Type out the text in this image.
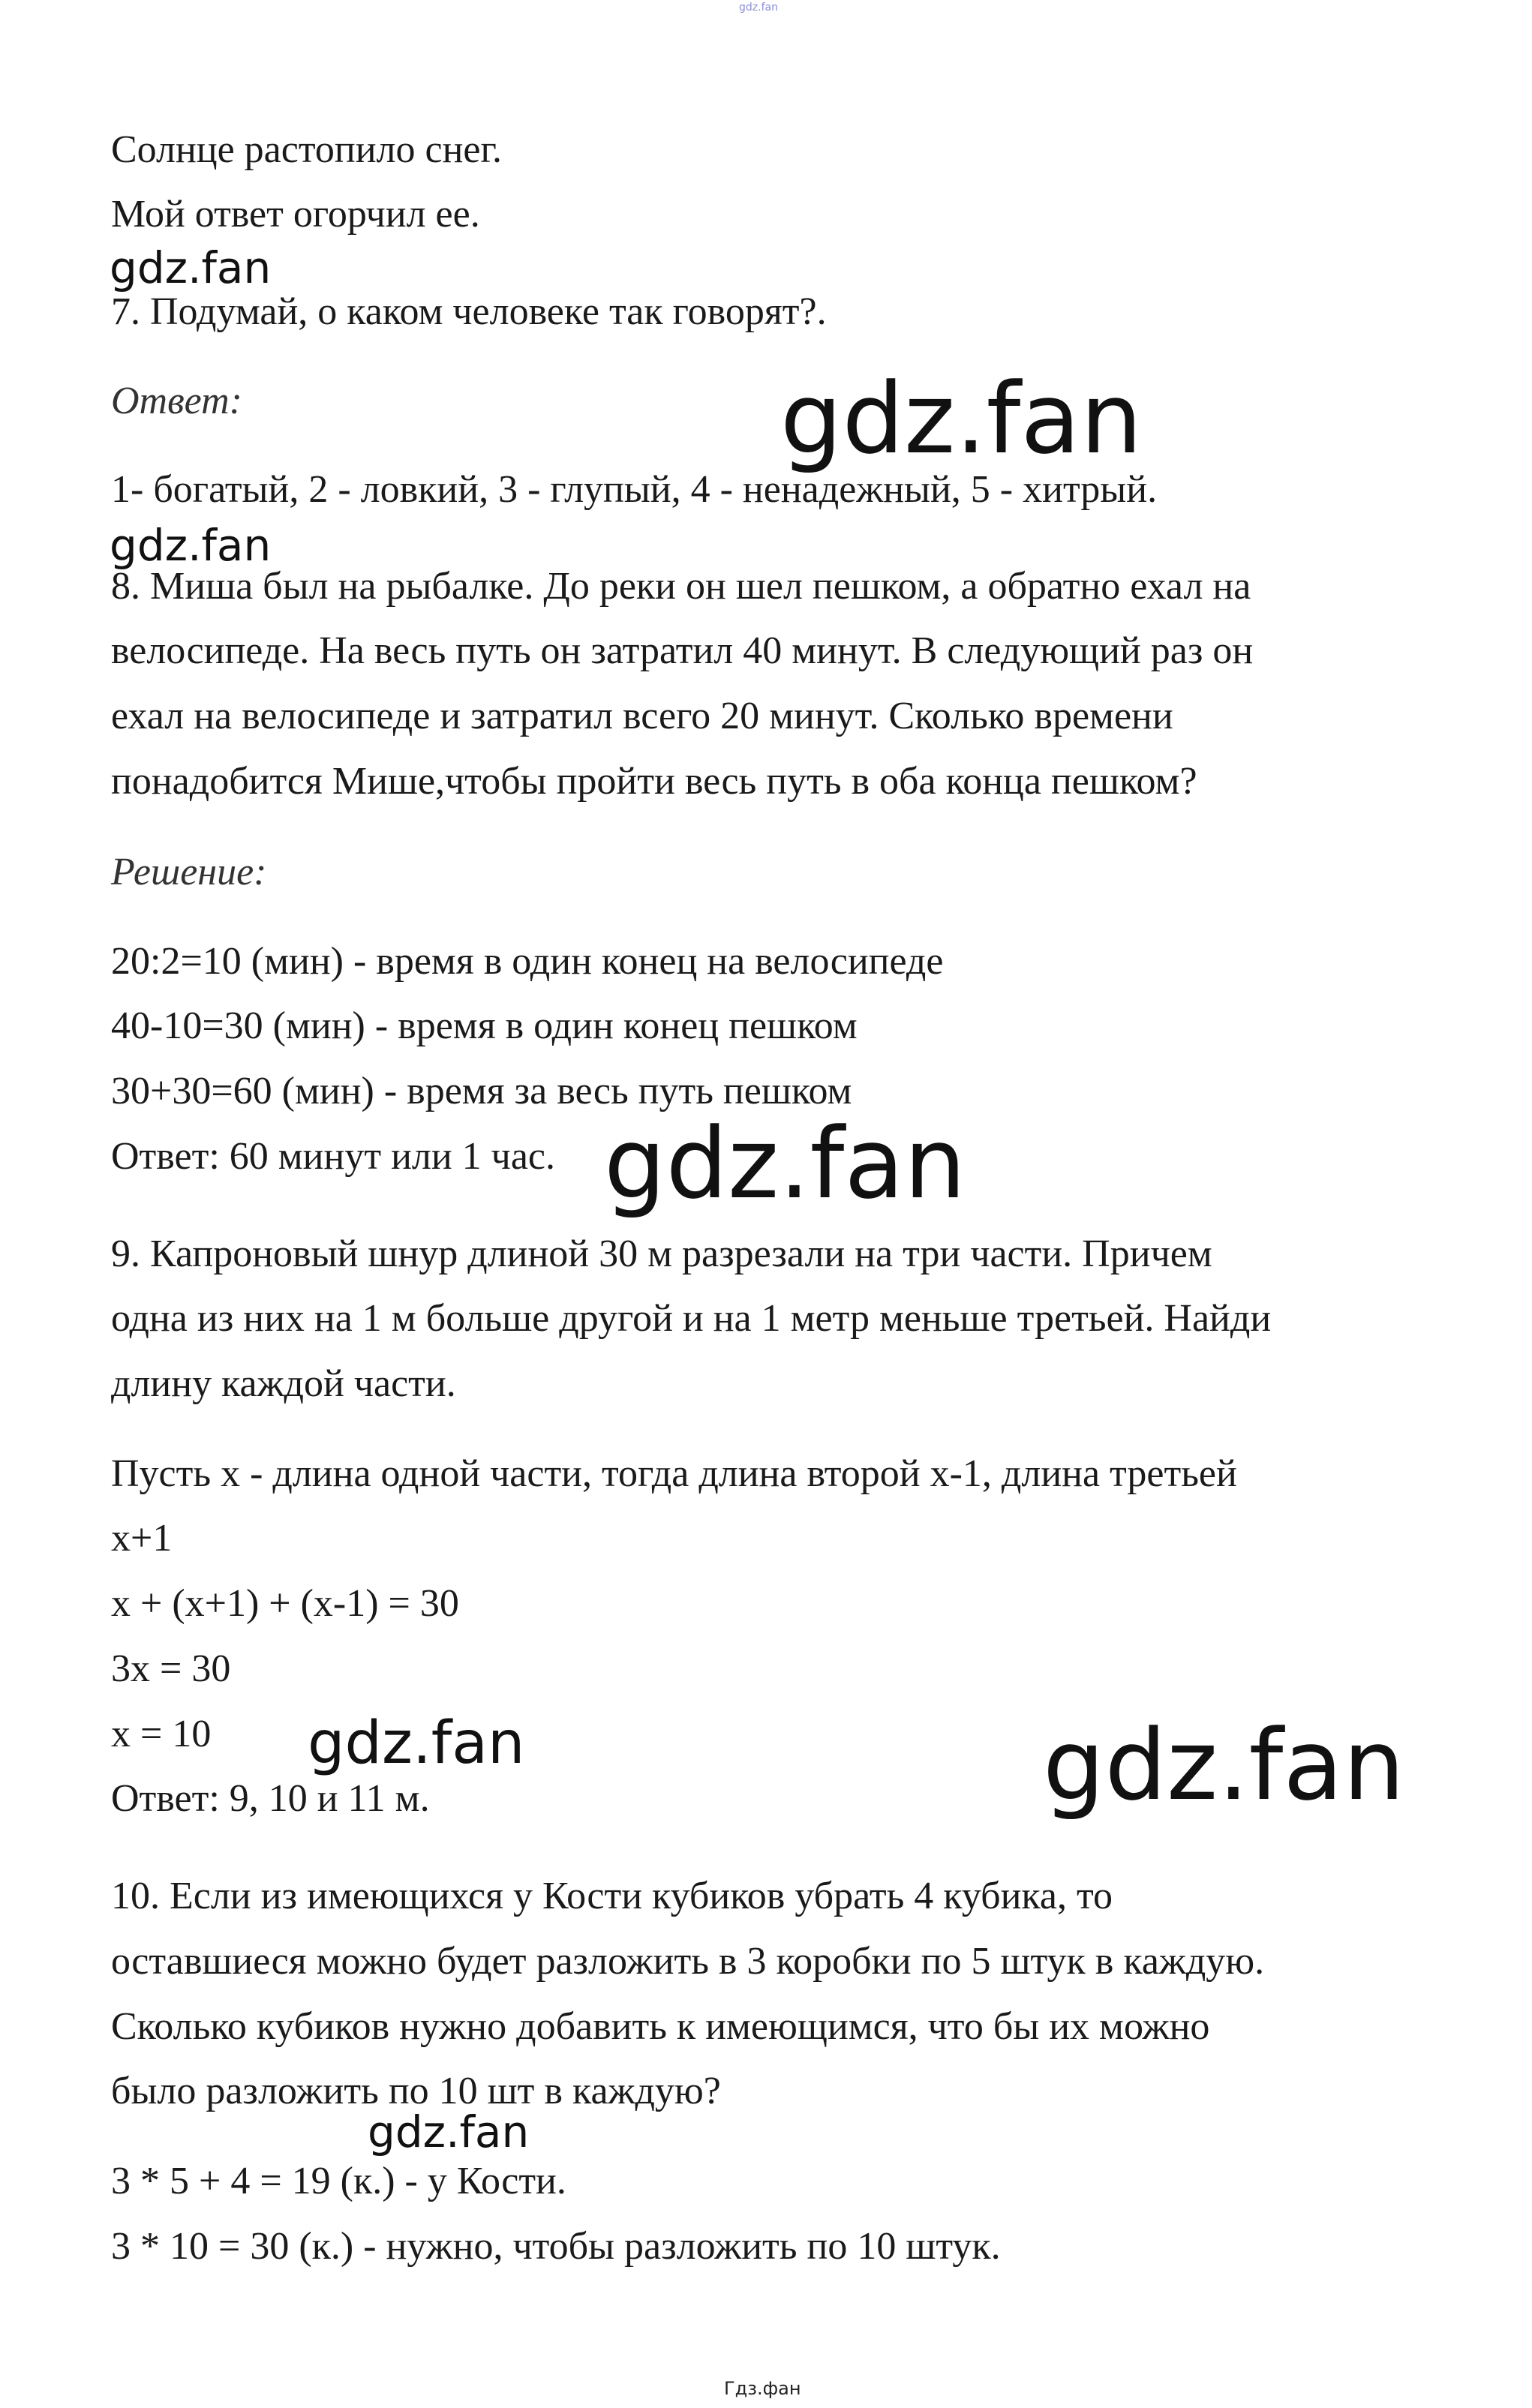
gdz.fan
Солнце растопило снег.
Мой ответ огорчил ее.
gdz.fan
7. Подумай, о каком человеке так говорят?.
Ответ:	gdz.fan
1- богатый, 2 - ловкий, 3 - глупый, 4 - ненадежный, 5 - хитрый.
gdz.fan
8. Миша был на рыбалке. До реки он шел пешком, а обратно ехал на
велосипеде. На весь путь он затратил 40 минут. В следующий раз он
ехал на велосипеде и затратил всего 20 минут. Сколько времени
понадобится Мише,чтобы пройти весь путь в оба конца пешком?
Решение:
20:2=10 (мин) - время в один конец на велосипеде
40-10=30 (мин) - время в один конец пешком
30+30=60 (мин) - время за весь путь пешком
Ответ: 60 минут или 1 час. gdz.fan
9. Капроновый шнур длиной 30 м разрезали на три части. Причем
одна из них на 1 м больше другой и на 1 метр меньше третьей. Найди
длину каждой части.
Пусть х - длина одной части, тогда длина второй х-1, длина третьей
х+1
х + (х+1) + (х-1) = 30
3х = 30
х = 10 gdz.fan	gdz.fan
Ответ: 9, 10 и 11 м.
10. Если из имеющихся у Кости кубиков убрать 4 кубика, то
оставшиеся можно будет разложить в 3 коробки по 5 штук в каждую.
Сколько кубиков нужно добавить к имеющимся, что бы их можно
было разложить по 10 шт в каждую?
gdz.fan
3 * 5 + 4 = 19 (к.) - у Кости.
3 * 10 = 30 (к.) - нужно, чтобы разложить по 10 штук.
Гдз.фан
